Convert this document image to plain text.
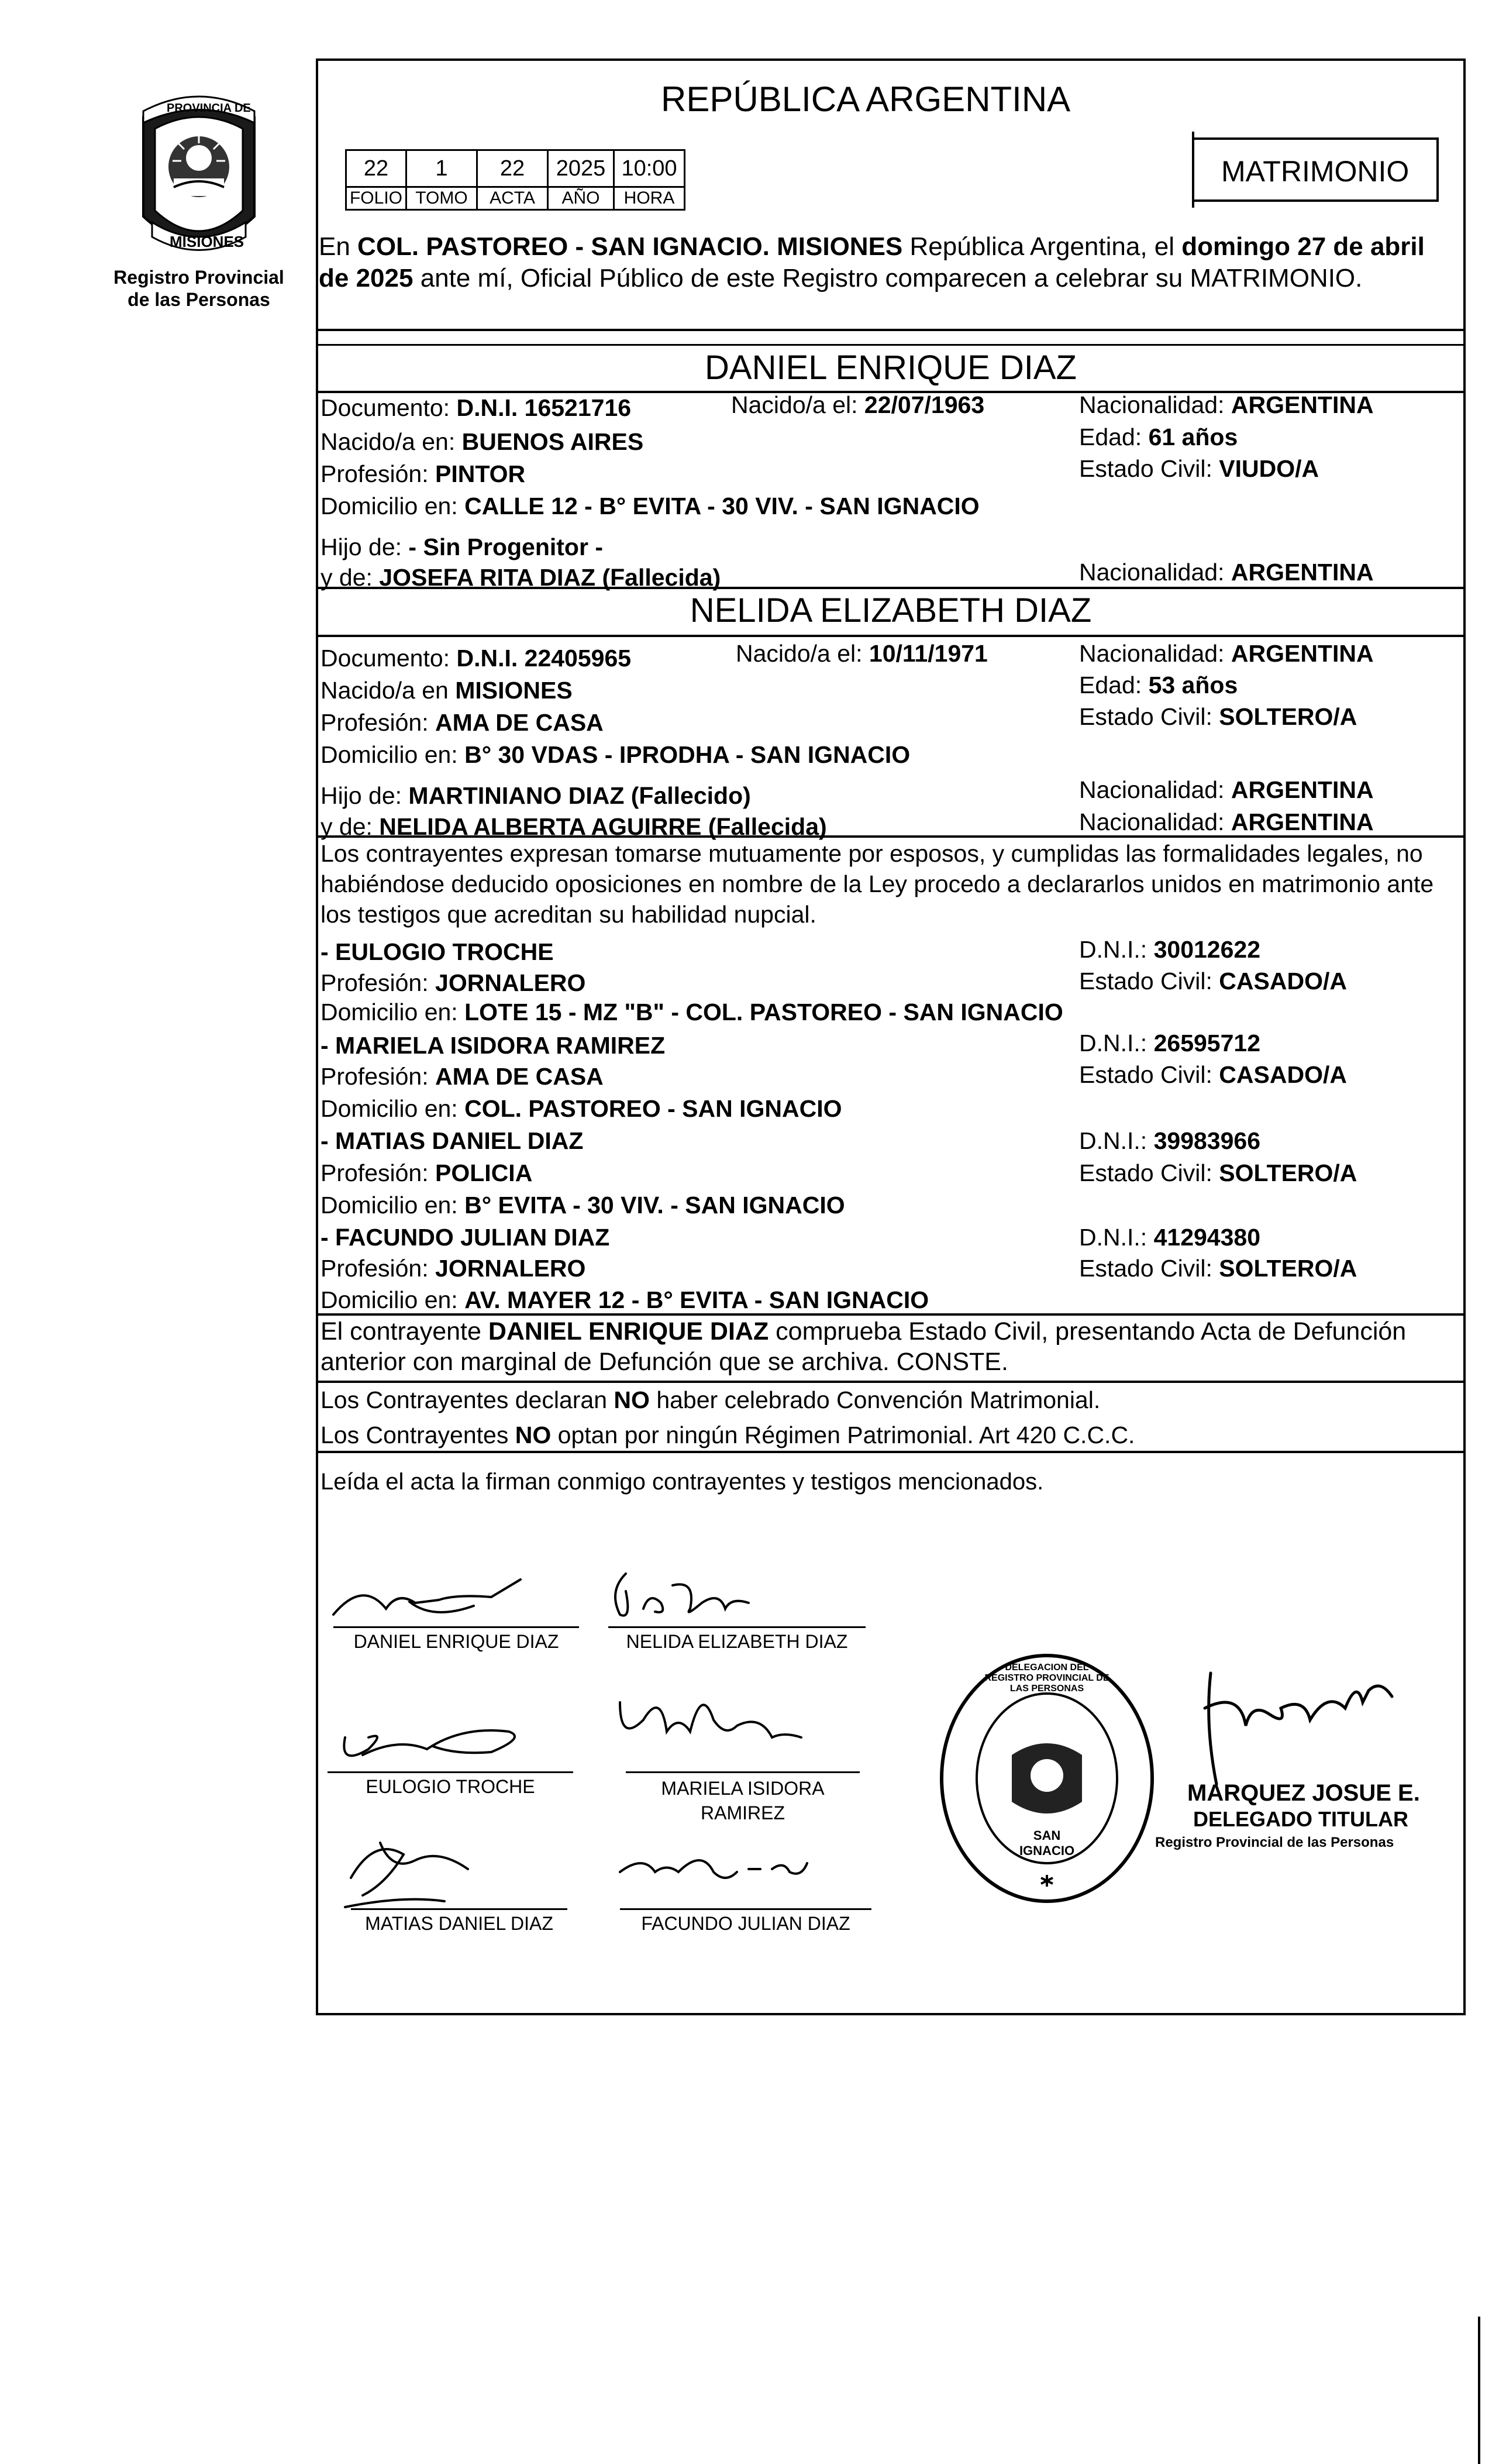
PROVINCIA DE
MISIONES
Registro Provincial
de las Personas
REPÚBLICA ARGENTINA
22	1	22	2025	10:00
FOLIO	TOMO	ACTA	AÑO	HORA
MATRIMONIO
En COL. PASTOREO - SAN IGNACIO. MISIONES República Argentina, el domingo 27 de abril de 2025 ante mí, Oficial Público de este Registro comparecen a celebrar su MATRIMONIO.
DANIEL ENRIQUE DIAZ
Documento: D.N.I. 16521716	Nacido/a el: 22/07/1963	Nacionalidad: ARGENTINA
Nacido/a en: BUENOS AIRES	Edad: 61 años
Profesión: PINTOR	Estado Civil: VIUDO/A
Domicilio en: CALLE 12 - B° EVITA - 30 VIV. - SAN IGNACIO
Hijo de: - Sin Progenitor -
y de: JOSEFA RITA DIAZ (Fallecida)	Nacionalidad: ARGENTINA
NELIDA ELIZABETH DIAZ
Documento: D.N.I. 22405965	Nacido/a el: 10/11/1971	Nacionalidad: ARGENTINA
Nacido/a en MISIONES	Edad: 53 años
Profesión: AMA DE CASA	Estado Civil: SOLTERO/A
Domicilio en: B° 30 VDAS - IPRODHA - SAN IGNACIO
Hijo de: MARTINIANO DIAZ (Fallecido)	Nacionalidad: ARGENTINA
y de: NELIDA ALBERTA AGUIRRE (Fallecida)	Nacionalidad: ARGENTINA
Los contrayentes expresan tomarse mutuamente por esposos, y cumplidas las formalidades legales, no habiéndose deducido oposiciones en nombre de la Ley procedo a declararlos unidos en matrimonio ante los testigos que acreditan su habilidad nupcial.
- EULOGIO TROCHE	D.N.I.: 30012622
Profesión: JORNALERO	Estado Civil: CASADO/A
Domicilio en: LOTE 15 - MZ "B" - COL. PASTOREO - SAN IGNACIO
- MARIELA ISIDORA RAMIREZ	D.N.I.: 26595712
Profesión: AMA DE CASA	Estado Civil: CASADO/A
Domicilio en: COL. PASTOREO - SAN IGNACIO
- MATIAS DANIEL DIAZ	D.N.I.: 39983966
Profesión: POLICIA	Estado Civil: SOLTERO/A
Domicilio en: B° EVITA - 30 VIV. - SAN IGNACIO
- FACUNDO JULIAN DIAZ	D.N.I.: 41294380
Profesión: JORNALERO	Estado Civil: SOLTERO/A
Domicilio en: AV. MAYER 12 - B° EVITA - SAN IGNACIO
El contrayente DANIEL ENRIQUE DIAZ comprueba Estado Civil, presentando Acta de Defunción anterior con marginal de Defunción que se archiva. CONSTE.
Los Contrayentes declaran NO haber celebrado Convención Matrimonial.
Los Contrayentes NO optan por ningún Régimen Patrimonial. Art 420 C.C.C.
Leída el acta la firman conmigo contrayentes y testigos mencionados.
DANIEL ENRIQUE DIAZ	NELIDA ELIZABETH DIAZ
EULOGIO TROCHE	MARIELA ISIDORA
RAMIREZ
MATIAS DANIEL DIAZ	FACUNDO JULIAN DIAZ
DELEGACION DEL REGISTRO PROVINCIAL DE LAS PERSONAS
SAN IGNACIO
MARQUEZ JOSUE E.
DELEGADO TITULAR
Registro Provincial de las Personas
